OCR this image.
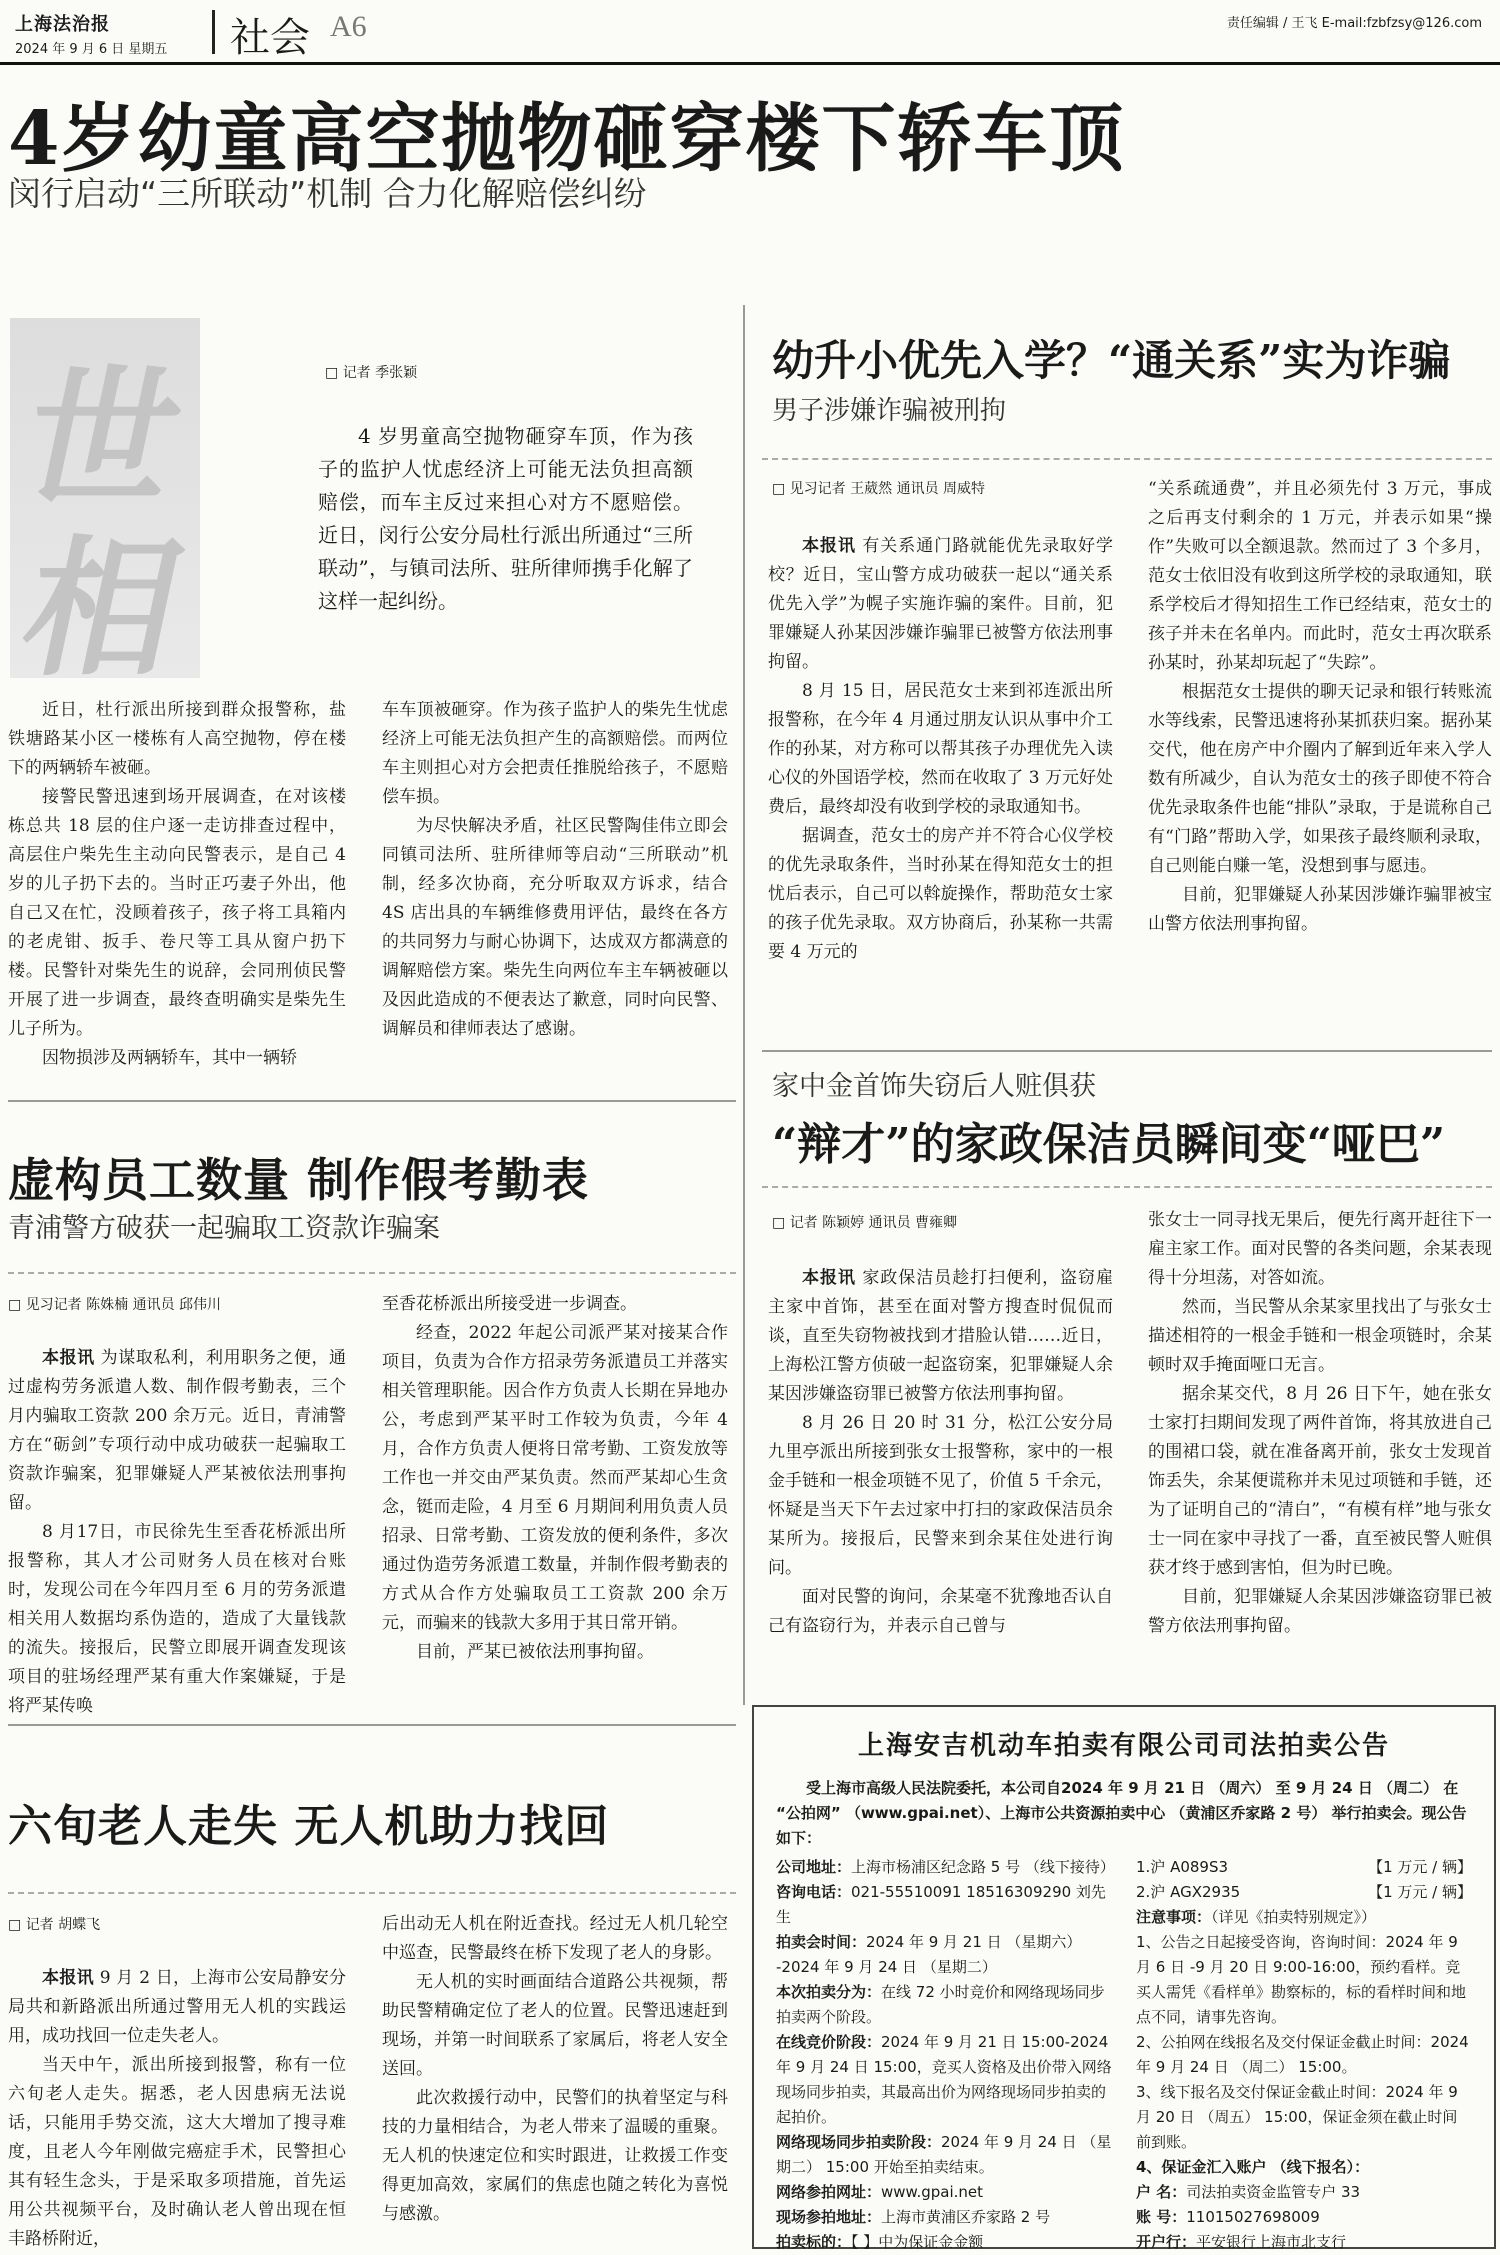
上海法治报
2024 年 9 月 6 日 星期五 社会 A6	责任编辑 / 王飞 E-mail:fzbfzsy@126.com
4岁幼童高空抛物砸穿楼下轿车顶
闵行启动“三所联动”机制 合力化解赔偿纠纷
世
相
□ 记者 季张颖
4 岁男童高空抛物砸穿车顶，作为孩子的监护人忧虑经济上可能无法负担高额赔偿，而车主反过来担心对方不愿赔偿。近日，闵行公安分局杜行派出所通过“三所联动”，与镇司法所、驻所律师携手化解了这样一起纠纷。

近日，杜行派出所接到群众报警称，盐铁塘路某小区一楼栋有人高空抛物，停在楼下的两辆轿车被砸。

接警民警迅速到场开展调查，在对该楼栋总共 18 层的住户逐一走访排查过程中，高层住户柴先生主动向民警表示，是自己 4 岁的儿子扔下去的。当时正巧妻子外出，他自己又在忙，没顾着孩子，孩子将工具箱内的老虎钳、扳手、卷尺等工具从窗户扔下楼。民警针对柴先生的说辞，会同刑侦民警开展了进一步调查，最终查明确实是柴先生儿子所为。

因物损涉及两辆轿车，其中一辆轿

车车顶被砸穿。作为孩子监护人的柴先生忧虑经济上可能无法负担产生的高额赔偿。而两位车主则担心对方会把责任推脱给孩子，不愿赔偿车损。

为尽快解决矛盾，社区民警陶佳伟立即会同镇司法所、驻所律师等启动“三所联动”机制，经多次协商，充分听取双方诉求，结合 4S 店出具的车辆维修费用评估，最终在各方的共同努力与耐心协调下，达成双方都满意的调解赔偿方案。柴先生向两位车主车辆被砸以及因此造成的不便表达了歉意，同时向民警、调解员和律师表达了感谢。

幼升小优先入学？“通关系”实为诈骗
男子涉嫌诈骗被刑拘
□ 见习记者 王葳然 通讯员 周威特

本报讯 有关系通门路就能优先录取好学校？近日，宝山警方成功破获一起以“通关系优先入学”为幌子实施诈骗的案件。目前，犯罪嫌疑人孙某因涉嫌诈骗罪已被警方依法刑事拘留。

8 月 15 日，居民范女士来到祁连派出所报警称，在今年 4 月通过朋友认识从事中介工作的孙某，对方称可以帮其孩子办理优先入读心仪的外国语学校，然而在收取了 3 万元好处费后，最终却没有收到学校的录取通知书。

据调查，范女士的房产并不符合心仪学校的优先录取条件，当时孙某在得知范女士的担忧后表示，自己可以斡旋操作，帮助范女士家的孩子优先录取。双方协商后，孙某称一共需要 4 万元的

“关系疏通费”，并且必须先付 3 万元，事成之后再支付剩余的 1 万元，并表示如果“操作”失败可以全额退款。然而过了 3 个多月，范女士依旧没有收到这所学校的录取通知，联系学校后才得知招生工作已经结束，范女士的孩子并未在名单内。而此时，范女士再次联系孙某时，孙某却玩起了“失踪”。

根据范女士提供的聊天记录和银行转账流水等线索，民警迅速将孙某抓获归案。据孙某交代，他在房产中介圈内了解到近年来入学人数有所减少，自认为范女士的孩子即使不符合优先录取条件也能“排队”录取，于是谎称自己有“门路”帮助入学，如果孩子最终顺利录取，自己则能白赚一笔，没想到事与愿违。

目前，犯罪嫌疑人孙某因涉嫌诈骗罪被宝山警方依法刑事拘留。

家中金首饰失窃后人赃俱获
“辩才”的家政保洁员瞬间变“哑巴”
□ 记者 陈颖婷 通讯员 曹雍卿

本报讯 家政保洁员趁打扫便利，盗窃雇主家中首饰，甚至在面对警方搜查时侃侃而谈，直至失窃物被找到才措脸认错……近日，上海松江警方侦破一起盗窃案，犯罪嫌疑人余某因涉嫌盗窃罪已被警方依法刑事拘留。

8 月 26 日 20 时 31 分，松江公安分局九里亭派出所接到张女士报警称，家中的一根金手链和一根金项链不见了，价值 5 千余元，怀疑是当天下午去过家中打扫的家政保洁员余某所为。接报后，民警来到余某住处进行询问。

面对民警的询问，余某毫不犹豫地否认自己有盗窃行为，并表示自己曾与

张女士一同寻找无果后，便先行离开赶往下一雇主家工作。面对民警的各类问题，余某表现得十分坦荡，对答如流。

然而，当民警从余某家里找出了与张女士描述相符的一根金手链和一根金项链时，余某顿时双手掩面哑口无言。

据余某交代，8 月 26 日下午，她在张女士家打扫期间发现了两件首饰，将其放进自己的围裙口袋，就在准备离开前，张女士发现首饰丢失，余某便谎称并未见过项链和手链，还为了证明自己的“清白”，“有模有样”地与张女士一同在家中寻找了一番，直至被民警人赃俱获才终于感到害怕，但为时已晚。

目前，犯罪嫌疑人余某因涉嫌盗窃罪已被警方依法刑事拘留。

虚构员工数量 制作假考勤表
青浦警方破获一起骗取工资款诈骗案
□ 见习记者 陈姝楠 通讯员 邱伟川

本报讯 为谋取私利，利用职务之便，通过虚构劳务派遣人数、制作假考勤表，三个月内骗取工资款 200 余万元。近日，青浦警方在“砺剑”专项行动中成功破获一起骗取工资款诈骗案，犯罪嫌疑人严某被依法刑事拘留。

8 月17日，市民徐先生至香花桥派出所报警称，其人才公司财务人员在核对台账时，发现公司在今年四月至 6 月的劳务派遣相关用人数据均系伪造的，造成了大量钱款的流失。接报后，民警立即展开调查发现该项目的驻场经理严某有重大作案嫌疑，于是将严某传唤

至香花桥派出所接受进一步调查。

经查，2022 年起公司派严某对接某合作项目，负责为合作方招录劳务派遣员工并落实相关管理职能。因合作方负责人长期在异地办公，考虑到严某平时工作较为负责，今年 4 月，合作方负责人便将日常考勤、工资发放等工作也一并交由严某负责。然而严某却心生贪念，铤而走险，4 月至 6 月期间利用负责人员招录、日常考勤、工资发放的便利条件，多次通过伪造劳务派遣工数量，并制作假考勤表的方式从合作方处骗取员工工资款 200 余万元，而骗来的钱款大多用于其日常开销。

目前，严某已被依法刑事拘留。

六旬老人走失 无人机助力找回
□ 记者 胡蝶飞

本报讯 9 月 2 日，上海市公安局静安分局共和新路派出所通过警用无人机的实践运用，成功找回一位走失老人。

当天中午，派出所接到报警，称有一位六旬老人走失。据悉，老人因患病无法说话，只能用手势交流，这大大增加了搜寻难度，且老人今年刚做完癌症手术，民警担心其有轻生念头，于是采取多项措施，首先运用公共视频平台，及时确认老人曾出现在恒丰路桥附近，

后出动无人机在附近查找。经过无人机几轮空中巡查，民警最终在桥下发现了老人的身影。

无人机的实时画面结合道路公共视频，帮助民警精确定位了老人的位置。民警迅速赶到现场，并第一时间联系了家属后，将老人安全送回。

此次救援行动中，民警们的执着坚定与科技的力量相结合，为老人带来了温暖的重聚。无人机的快速定位和实时跟进，让救援工作变得更加高效，家属们的焦虑也随之转化为喜悦与感激。

上海安吉机动车拍卖有限公司司法拍卖公告
受上海市高级人民法院委托，本公司自2024 年 9 月 21 日 （周六） 至 9 月 24 日 （周二） 在 “公拍网” （www.gpai.net）、上海市公共资源拍卖中心 （黄浦区乔家路 2 号） 举行拍卖会。现公告如下：

公司地址：上海市杨浦区纪念路 5 号 （线下接待）

咨询电话：021-55510091 18516309290 刘先生

拍卖会时间：2024 年 9 月 21 日 （星期六） -2024 年 9 月 24 日 （星期二）

本次拍卖分为：在线 72 小时竞价和网络现场同步拍卖两个阶段。

在线竞价阶段：2024 年 9 月 21 日 15:00-2024 年 9 月 24 日 15:00，竞买人资格及出价带入网络现场同步拍卖，其最高出价为网络现场同步拍卖的起拍价。

网络现场同步拍卖阶段：2024 年 9 月 24 日 （星期二） 15:00 开始至拍卖结束。

网络参拍网址：www.gpai.net

现场参拍地址：上海市黄浦区乔家路 2 号

拍卖标的：【 】中为保证金金额

1.沪 A089S3	【1 万元 / 辆】
2.沪 AGX2935	【1 万元 / 辆】

注意事项：（详见《拍卖特别规定》）

1、公告之日起接受咨询，咨询时间：2024 年 9 月 6 日 -9 月 20 日 9:00-16:00，预约看样。竞买人需凭《看样单》勘察标的，标的看样时间和地点不同，请事先咨询。

2、公拍网在线报名及交付保证金截止时间：2024 年 9 月 24 日 （周二） 15:00。

3、线下报名及交付保证金截止时间：2024 年 9 月 20 日 （周五） 15:00，保证金须在截止时间前到账。

4、保证金汇入账户 （线下报名）：

户 名：司法拍卖资金监管专户 33

账 号：11015027698009

开户行：平安银行上海市北支行
